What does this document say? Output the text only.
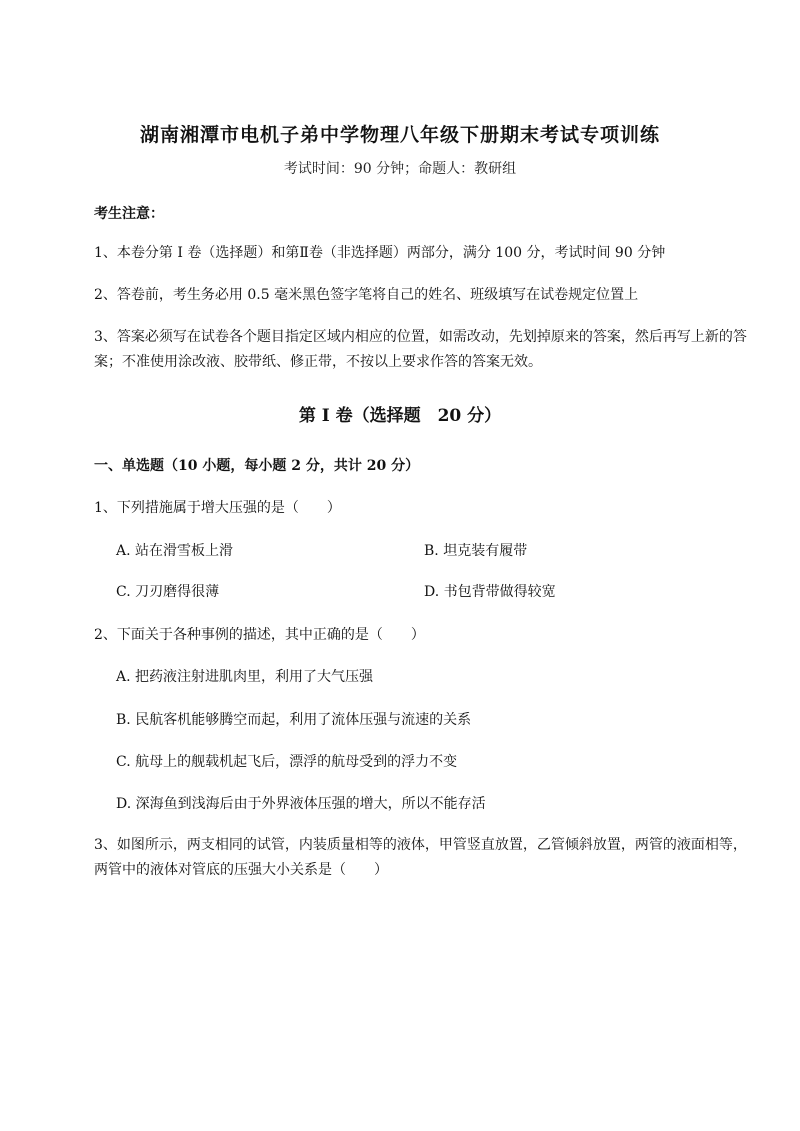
湖南湘潭市电机子弟中学物理八年级下册期末考试专项训练
考试时间：90 分钟；命题人：教研组
考生注意：
1、本卷分第 I 卷（选择题）和第Ⅱ卷（非选择题）两部分，满分 100 分，考试时间 90 分钟
2、答卷前，考生务必用 0.5 毫米黑色签字笔将自己的姓名、班级填写在试卷规定位置上
3、答案必须写在试卷各个题目指定区域内相应的位置，如需改动，先划掉原来的答案，然后再写上新的答案；不准使用涂改液、胶带纸、修正带，不按以上要求作答的答案无效。
第 I 卷（选择题　20 分）
一、单选题（10 小题，每小题 2 分，共计 20 分）
1、下列措施属于增大压强的是（　　）
A. 站在滑雪板上滑	B. 坦克装有履带
C. 刀刃磨得很薄	D. 书包背带做得较宽
2、下面关于各种事例的描述，其中正确的是（　　）
A. 把药液注射进肌肉里，利用了大气压强
B. 民航客机能够腾空而起，利用了流体压强与流速的关系
C. 航母上的舰载机起飞后，漂浮的航母受到的浮力不变
D. 深海鱼到浅海后由于外界液体压强的增大，所以不能存活
3、如图所示，两支相同的试管，内装质量相等的液体，甲管竖直放置，乙管倾斜放置，两管的液面相等，两管中的液体对管底的压强大小关系是（　　）
